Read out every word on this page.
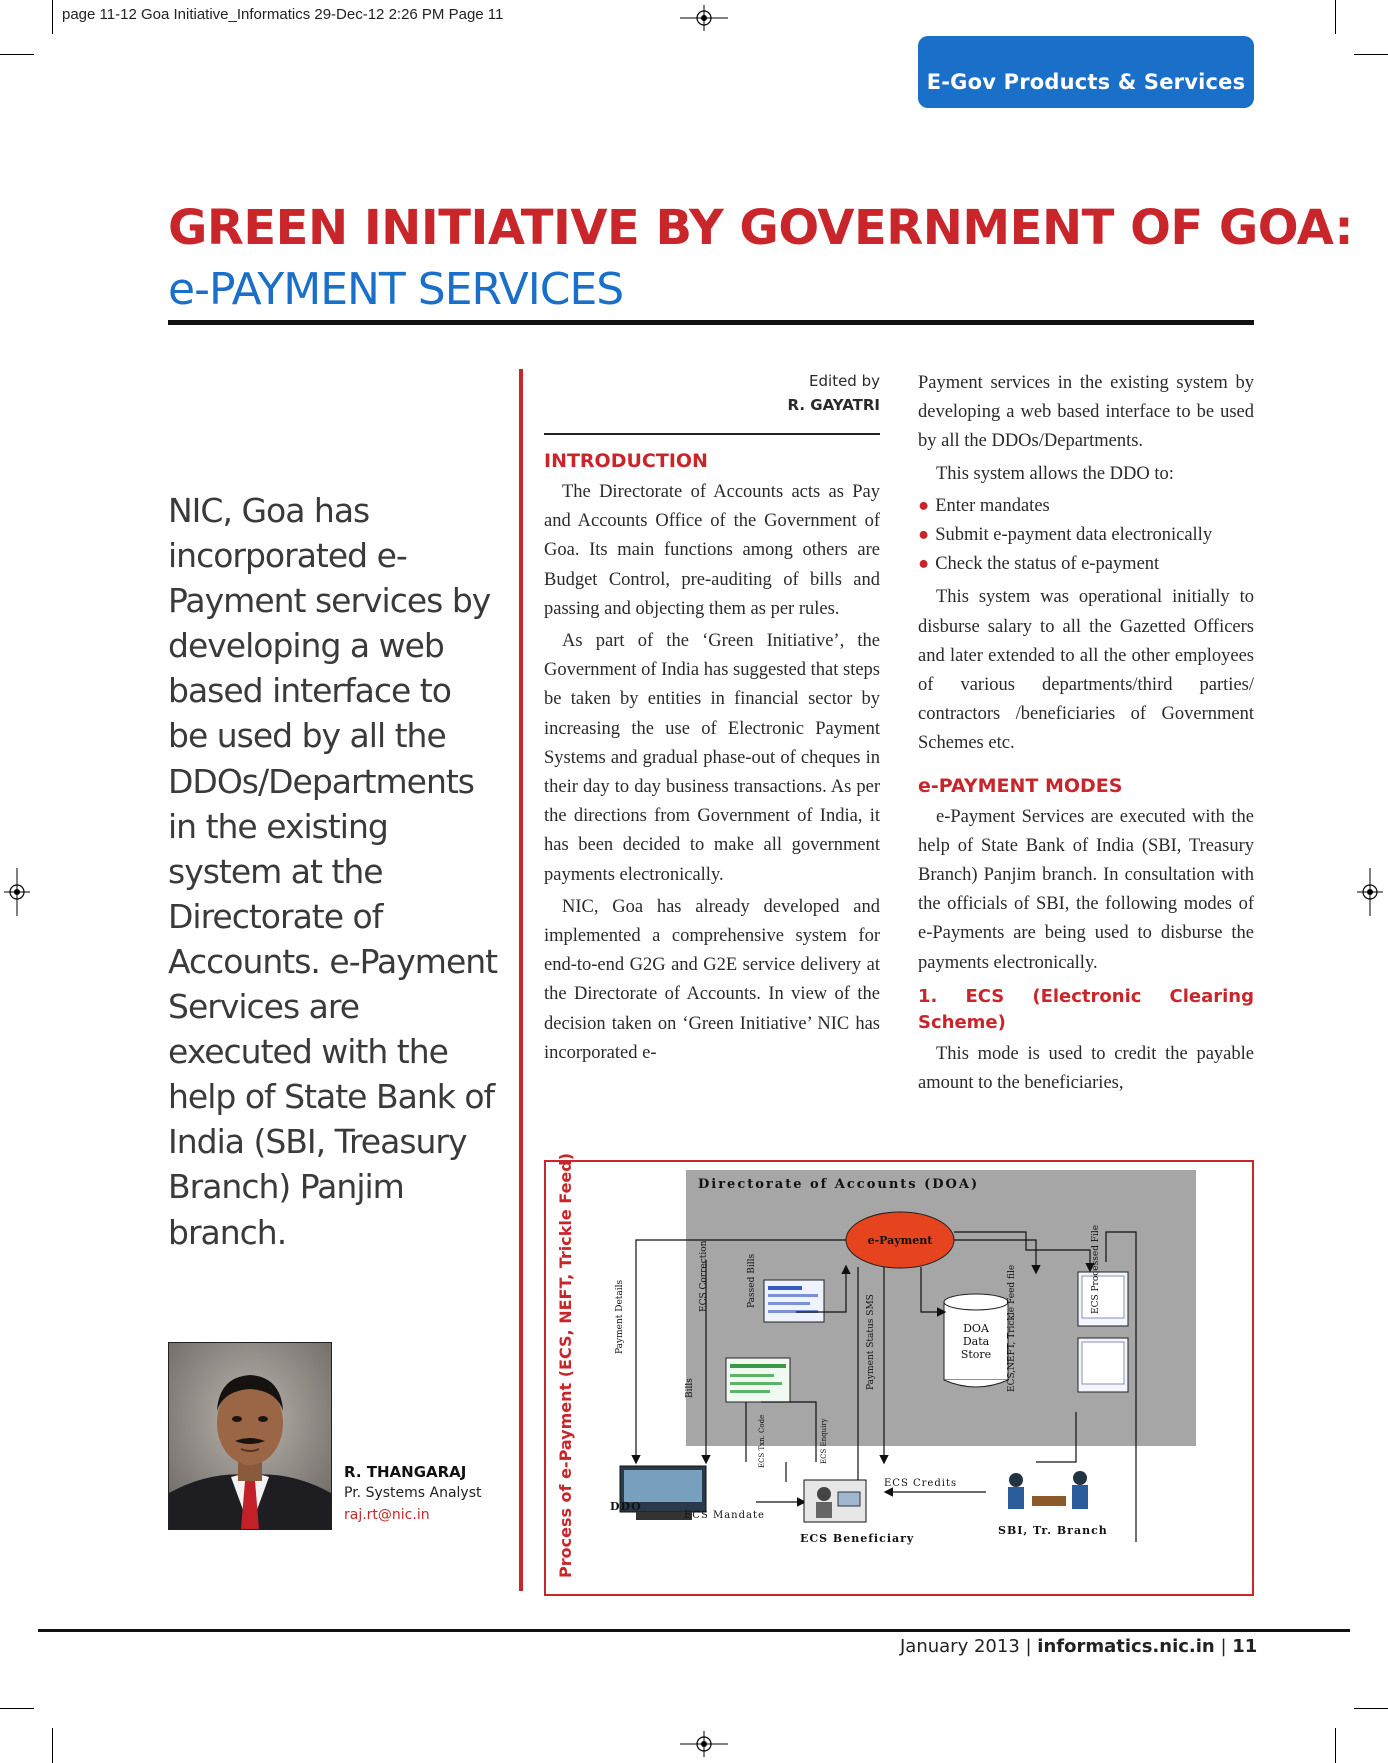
page 11-12 Goa Initiative_Informatics 29-Dec-12 2:26 PM Page 11
E-Gov Products & Services
GREEN INITIATIVE BY GOVERNMENT OF GOA:
e-PAYMENT SERVICES
NIC, Goa has incorporated e-Payment services by developing a web based interface to be used by all the DDOs/Departments in the existing system at the Directorate of Accounts. e-Payment Services are executed with the help of State Bank of India (SBI, Treasury Branch) Panjim branch.
R. THANGARAJ
Pr. Systems Analyst
raj.rt@nic.in
Edited by
R. GAYATRI
INTRODUCTION

The Directorate of Accounts acts as Pay and Accounts Office of the Government of Goa. Its main functions among others are Budget Control, pre-auditing of bills and passing and objecting them as per rules.

As part of the ‘Green Initiative’, the Government of India has suggested that steps be taken by entities in financial sector by increasing the use of Electronic Payment Systems and gradual phase-out of cheques in their day to day business transactions. As per the directions from Government of India, it has been decided to make all government payments electronically.

NIC, Goa has already developed and implemented a comprehensive system for end-to-end G2G and G2E service delivery at the Directorate of Accounts. In view of the decision taken on ‘Green Initiative’ NIC has incorporated e-

Payment services in the existing system by developing a web based interface to be used by all the DDOs/Departments.

This system allows the DDO to:

● Enter mandates
● Submit e-payment data electronically
● Check the status of e-payment

This system was operational initially to disburse salary to all the Gazetted Officers and later extended to all the other employees of various departments/third parties/ contractors /beneficiaries of Government Schemes etc.

e-PAYMENT MODES

e-Payment Services are executed with the help of State Bank of India (SBI, Treasury Branch) Panjim branch. In consultation with the officials of SBI, the following modes of e-Payments are being used to disburse the payments electronically.

1. ECS (Electronic Clearing Scheme)

This mode is used to credit the payable amount to the beneficiaries,

Directorate of Accounts (DOA)
e-Payment
DOA
Data
Store
Payment Details
ECS Correction	Passed Bills
Bills	Payment Status SMS	ECS,NEFT, Trickle Feed file	ECS Processed File
ECS Txn. Code	ECS Enquiry
DDO
ECS Mandate
ECS Beneficiary
ECS Credits
SBI, Tr. Branch
Process of e-Payment (ECS, NEFT, Trickle Feed)
January 2013 | informatics.nic.in | 11
